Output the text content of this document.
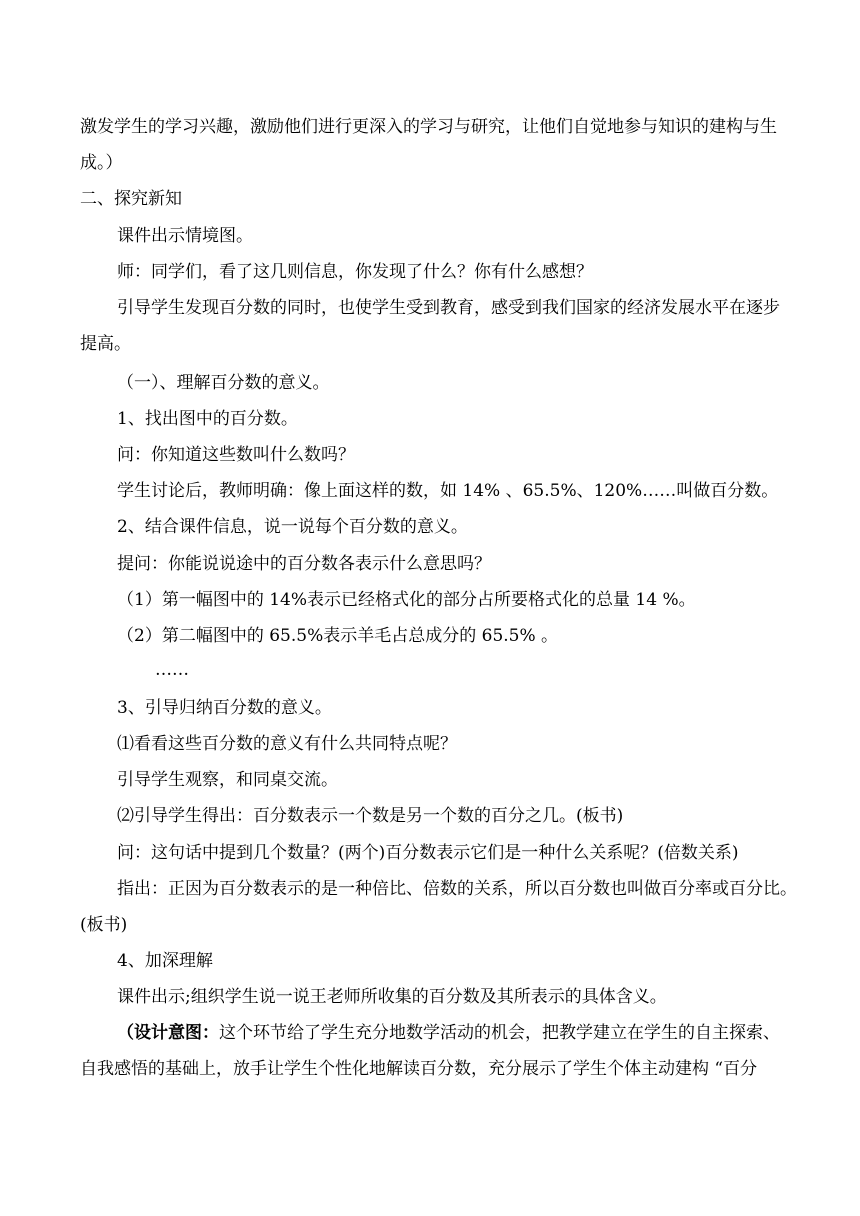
激发学生的学习兴趣，激励他们进行更深入的学习与研究，让他们自觉地参与知识的建构与生
成。）
二、探究新知
课件出示情境图。
师：同学们，看了这几则信息，你发现了什么？你有什么感想？
引导学生发现百分数的同时，也使学生受到教育，感受到我们国家的经济发展水平在逐步
提高。
（一）、理解百分数的意义。
1、找出图中的百分数。
问：你知道这些数叫什么数吗？
学生讨论后，教师明确：像上面这样的数，如 14% 、65.5%、120%……叫做百分数。
2、结合课件信息，说一说每个百分数的意义。
提问：你能说说途中的百分数各表示什么意思吗？
（1）第一幅图中的 14%表示已经格式化的部分占所要格式化的总量 14 %。
（2）第二幅图中的 65.5%表示羊毛占总成分的 65.5% 。
……
3、引导归纳百分数的意义。
⑴看看这些百分数的意义有什么共同特点呢？
引导学生观察，和同桌交流。
⑵引导学生得出：百分数表示一个数是另一个数的百分之几。(板书)
问：这句话中提到几个数量？(两个)百分数表示它们是一种什么关系呢？(倍数关系)
指出：正因为百分数表示的是一种倍比、倍数的关系，所以百分数也叫做百分率或百分比。
(板书)
4、加深理解
课件出示;组织学生说一说王老师所收集的百分数及其所表示的具体含义。
（设计意图：这个环节给了学生充分地数学活动的机会，把教学建立在学生的自主探索、
自我感悟的基础上，放手让学生个性化地解读百分数，充分展示了学生个体主动建构 “百分
